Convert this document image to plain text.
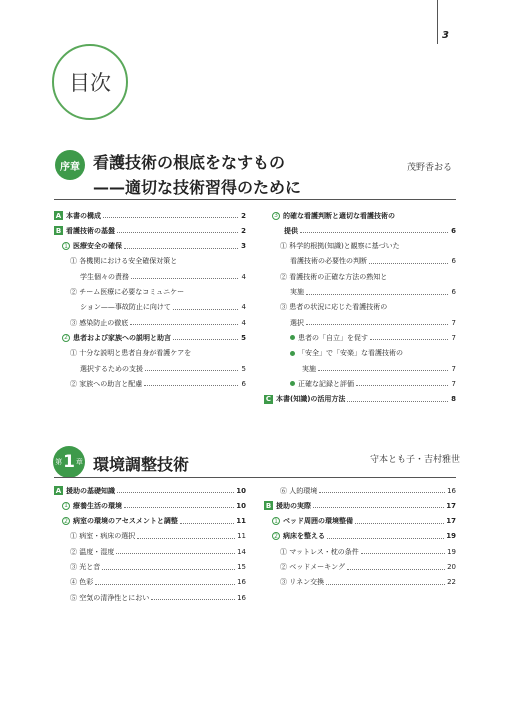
3
目次
序章 看護技術の根底をなすもの
——適切な技術習得のために
茂野香おる
A 本書の構成	2
B 看護技術の基盤	2
1 医療安全の確保	3
① 各機関における安全確保対策と
学生個々の責務	4
② チーム医療に必要なコミュニケー
ション——事故防止に向けて	4
③ 感染防止の徹底	4
2 患者および家族への説明と助言	5
① 十分な説明と患者自身が看護ケアを
選択するための支援	5
② 家族への助言と配慮	6
3 的確な看護判断と適切な看護技術の
提供	6
① 科学的根拠(知識)と観察に基づいた
看護技術の必要性の判断	6
② 看護技術の正確な方法の熟知と
実施	6
③ 患者の状況に応じた看護技術の
選択	7
患者の「自立」を促す	7
「安全」で「安楽」な看護技術の
実施	7
正確な記録と評価	7
C 本書(知識)の活用方法	8
第 1 章 環境調整技術	守本とも子・吉村雅世
A 援助の基礎知識	10
1 療養生活の環境	10
2 病室の環境のアセスメントと調整	11
① 病室・病床の選択	11
② 温度・湿度	14
③ 光と音	15
④ 色彩	16
⑤ 空気の清浄性とにおい	16
⑥ 人的環境	16
B 援助の実際	17
1 ベッド周囲の環境整備	17
2 病床を整える	19
① マットレス・枕の条件	19
② ベッドメーキング	20
③ リネン交換	22
